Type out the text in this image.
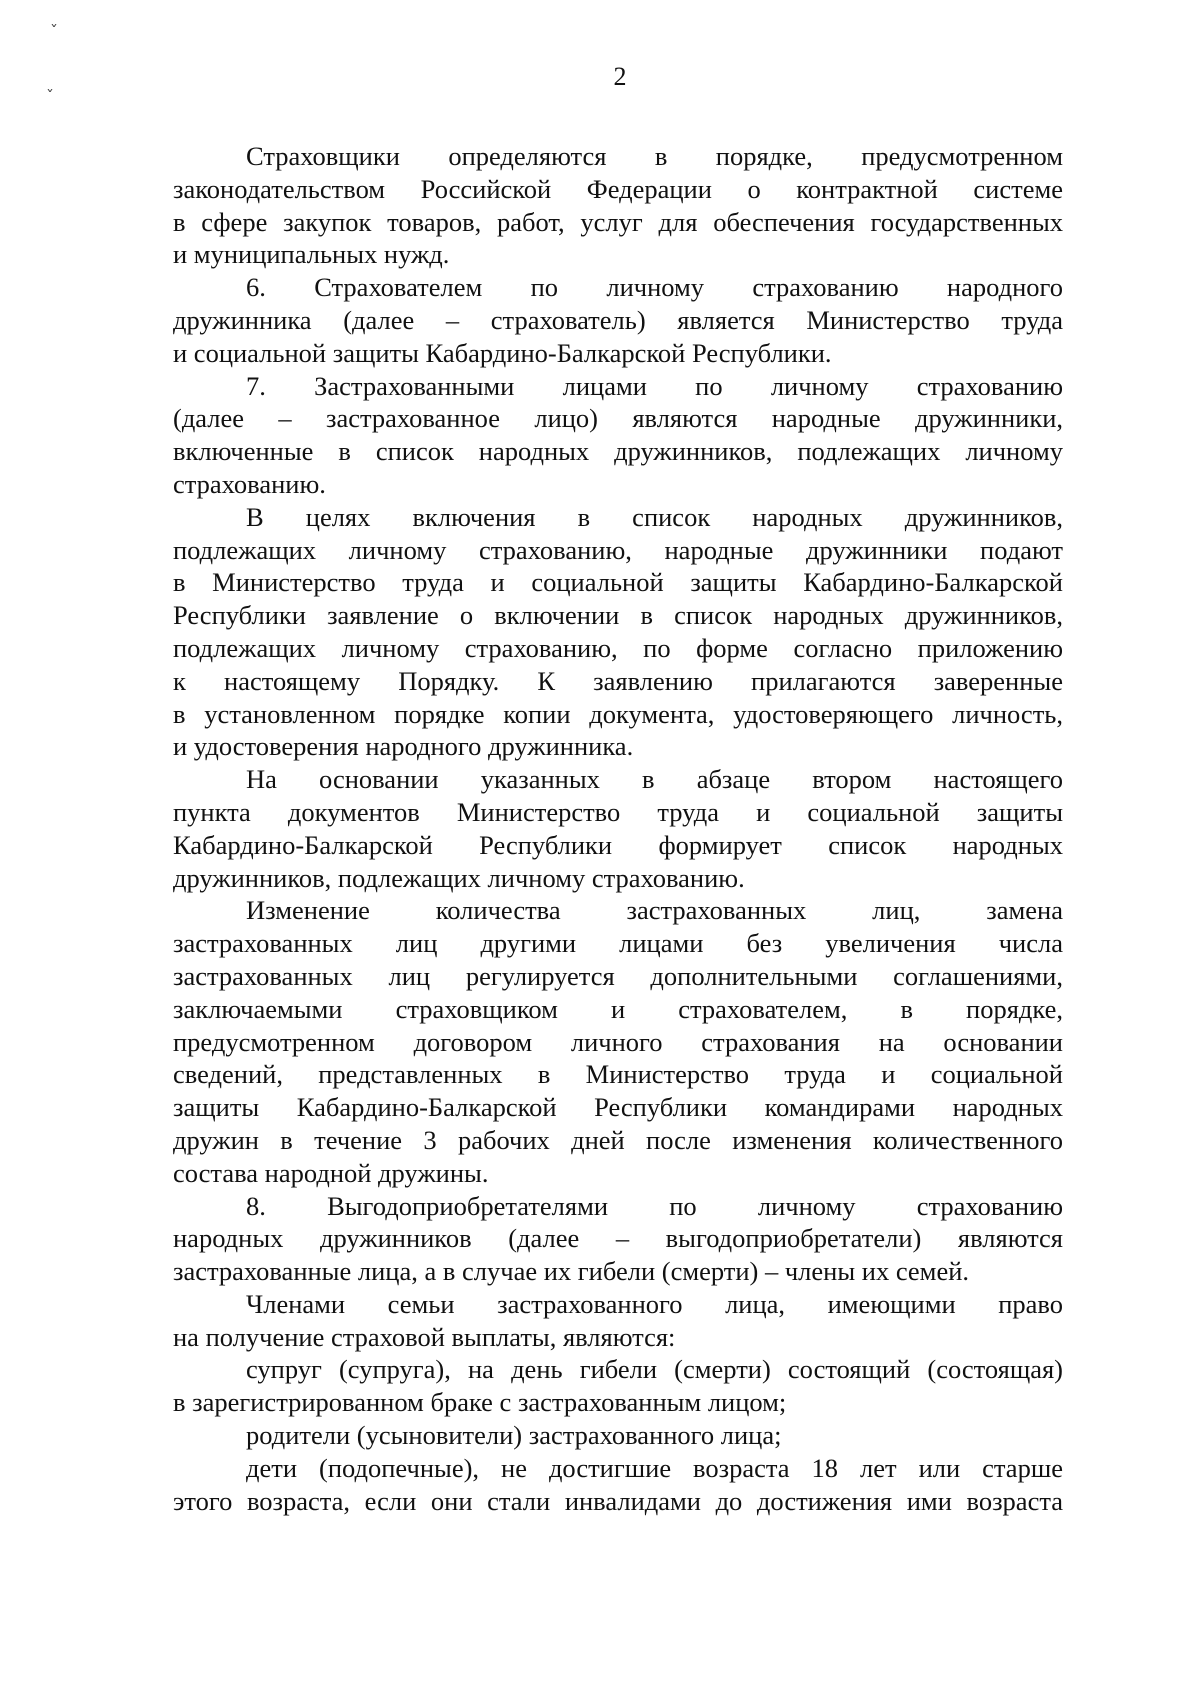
ˇ
ˇ
2
Страховщики определяются в порядке, предусмотренном
законодательством Российской Федерации о контрактной системе
в сфере закупок товаров, работ, услуг для обеспечения государственных
и муниципальных нужд.
6. Страхователем по личному страхованию народного
дружинника (далее – страхователь) является Министерство труда
и социальной защиты Кабардино-Балкарской Республики.
7. Застрахованными лицами по личному страхованию
(далее – застрахованное лицо) являются народные дружинники,
включенные в список народных дружинников, подлежащих личному
страхованию.
В целях включения в список народных дружинников,
подлежащих личному страхованию, народные дружинники подают
в Министерство труда и социальной защиты Кабардино-Балкарской
Республики заявление о включении в список народных дружинников,
подлежащих личному страхованию, по форме согласно приложению
к настоящему Порядку. К заявлению прилагаются заверенные
в установленном порядке копии документа, удостоверяющего личность,
и удостоверения народного дружинника.
На основании указанных в абзаце втором настоящего
пункта документов Министерство труда и социальной защиты
Кабардино-Балкарской Республики формирует список народных
дружинников, подлежащих личному страхованию.
Изменение количества застрахованных лиц, замена
застрахованных лиц другими лицами без увеличения числа
застрахованных лиц регулируется дополнительными соглашениями,
заключаемыми страховщиком и страхователем, в порядке,
предусмотренном договором личного страхования на основании
сведений, представленных в Министерство труда и социальной
защиты Кабардино-Балкарской Республики командирами народных
дружин в течение 3 рабочих дней после изменения количественного
состава народной дружины.
8. Выгодоприобретателями по личному страхованию
народных дружинников (далее – выгодоприобретатели) являются
застрахованные лица, а в случае их гибели (смерти) – члены их семей.
Членами семьи застрахованного лица, имеющими право
на получение страховой выплаты, являются:
супруг (супруга), на день гибели (смерти) состоящий (состоящая)
в зарегистрированном браке с застрахованным лицом;
родители (усыновители) застрахованного лица;
дети (подопечные), не достигшие возраста 18 лет или старше
этого возраста, если они стали инвалидами до достижения ими возраста
